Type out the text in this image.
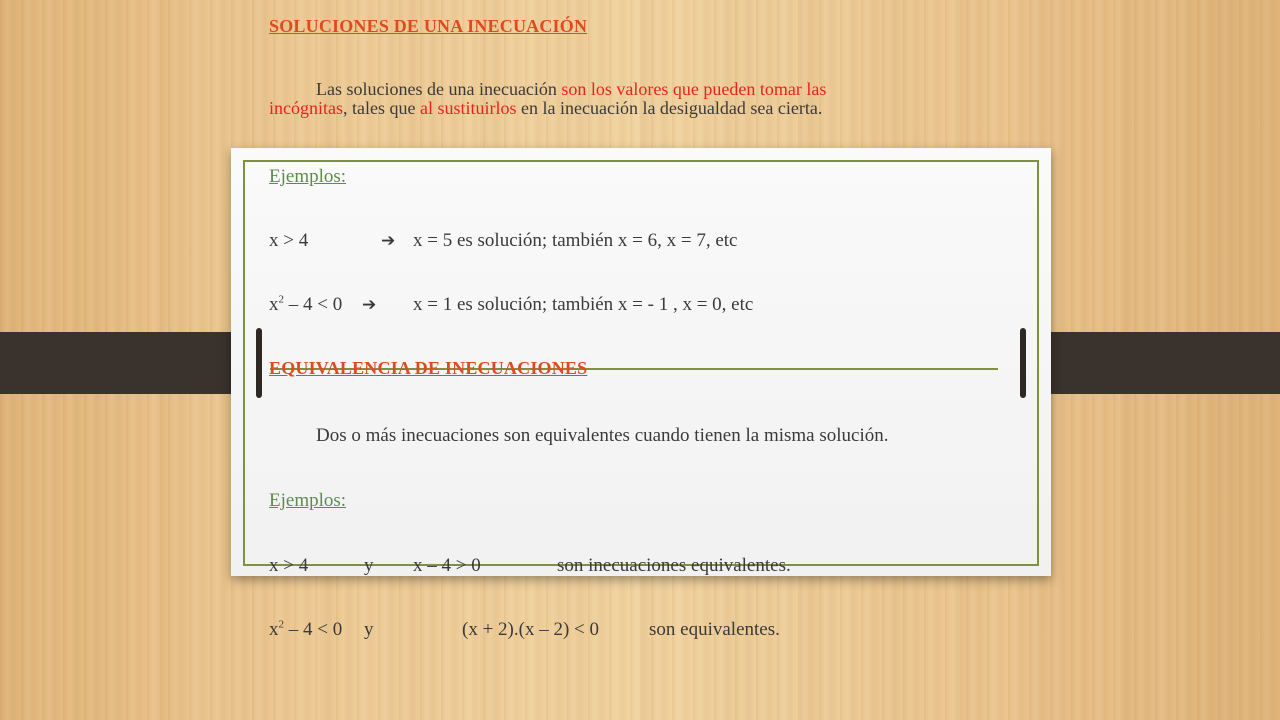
SOLUCIONES DE UNA INECUACIÓN
Las soluciones de una inecuación son los valores que pueden tomar las
incógnitas, tales que al sustituirlos en la inecuación la desigualdad sea cierta.
Ejemplos:
x > 4	➔ x = 5 es solución; también x = 6, x = 7, etc
$x^2 - 4 < 0$ ➔ x = 1 es solución; también x = - 1 , x = 0, etc
EQUIVALENCIA DE INECUACIONES
Dos o más inecuaciones son equivalentes cuando tienen la misma solución.
Ejemplos:
x > 4	y x – 4 > 0	son inecuaciones equivalentes.
$x^2 - 4 < 0$ y	(x + 2).(x – 2) < 0	son equivalentes.
